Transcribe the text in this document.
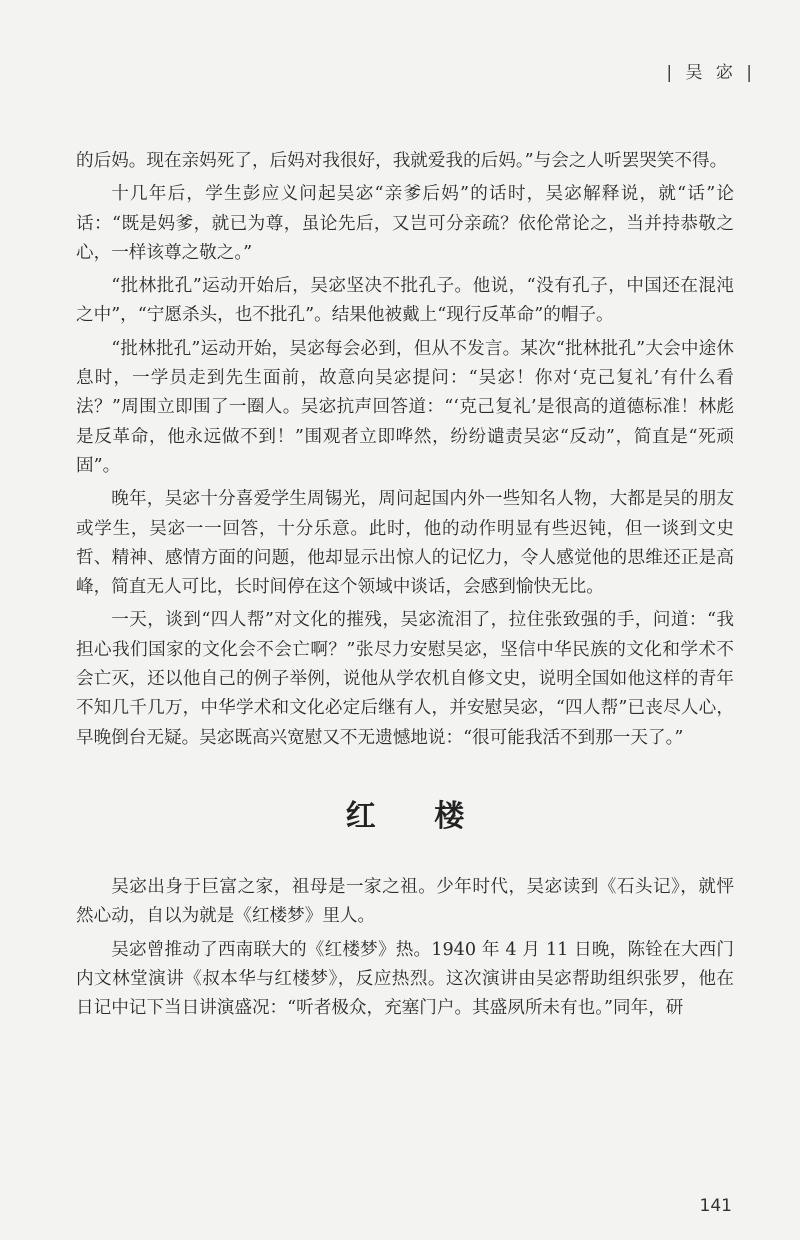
| 吴 宓 |

的后妈。现在亲妈死了，后妈对我很好，我就爱我的后妈。”与会之人听罢哭笑不得。

十几年后，学生彭应义问起吴宓“亲爹后妈”的话时，吴宓解释说，就“话”论话：“既是妈爹，就已为尊，虽论先后，又岂可分亲疏？依伦常论之，当并持恭敬之心，一样该尊之敬之。”

“批林批孔”运动开始后，吴宓坚决不批孔子。他说，“没有孔子，中国还在混沌之中”，“宁愿杀头，也不批孔”。结果他被戴上“现行反革命”的帽子。

“批林批孔”运动开始，吴宓每会必到，但从不发言。某次“批林批孔”大会中途休息时，一学员走到先生面前，故意向吴宓提问：“吴宓！你对‘克己复礼’有什么看法？”周围立即围了一圈人。吴宓抗声回答道：“‘克己复礼’是很高的道德标准！林彪是反革命，他永远做不到！”围观者立即哗然，纷纷谴责吴宓“反动”，简直是“死顽固”。

晚年，吴宓十分喜爱学生周锡光，周问起国内外一些知名人物，大都是吴的朋友或学生，吴宓一一回答，十分乐意。此时，他的动作明显有些迟钝，但一谈到文史哲、精神、感情方面的问题，他却显示出惊人的记忆力，令人感觉他的思维还正是高峰，简直无人可比，长时间停在这个领域中谈话，会感到愉快无比。

一天，谈到“四人帮”对文化的摧残，吴宓流泪了，拉住张致强的手，问道：“我担心我们国家的文化会不会亡啊？”张尽力安慰吴宓，坚信中华民族的文化和学术不会亡灭，还以他自己的例子举例，说他从学农机自修文史，说明全国如他这样的青年不知几千几万，中华学术和文化必定后继有人，并安慰吴宓，“四人帮”已丧尽人心，早晚倒台无疑。吴宓既高兴宽慰又不无遗憾地说：“很可能我活不到那一天了。”

红 楼

吴宓出身于巨富之家，祖母是一家之祖。少年时代，吴宓读到《石头记》，就怦然心动，自以为就是《红楼梦》里人。

吴宓曾推动了西南联大的《红楼梦》热。1940 年 4 月 11 日晚，陈铨在大西门内文林堂演讲《叔本华与红楼梦》，反应热烈。这次演讲由吴宓帮助组织张罗，他在日记中记下当日讲演盛况：“听者极众，充塞门户。其盛夙所未有也。”同年，研

141
